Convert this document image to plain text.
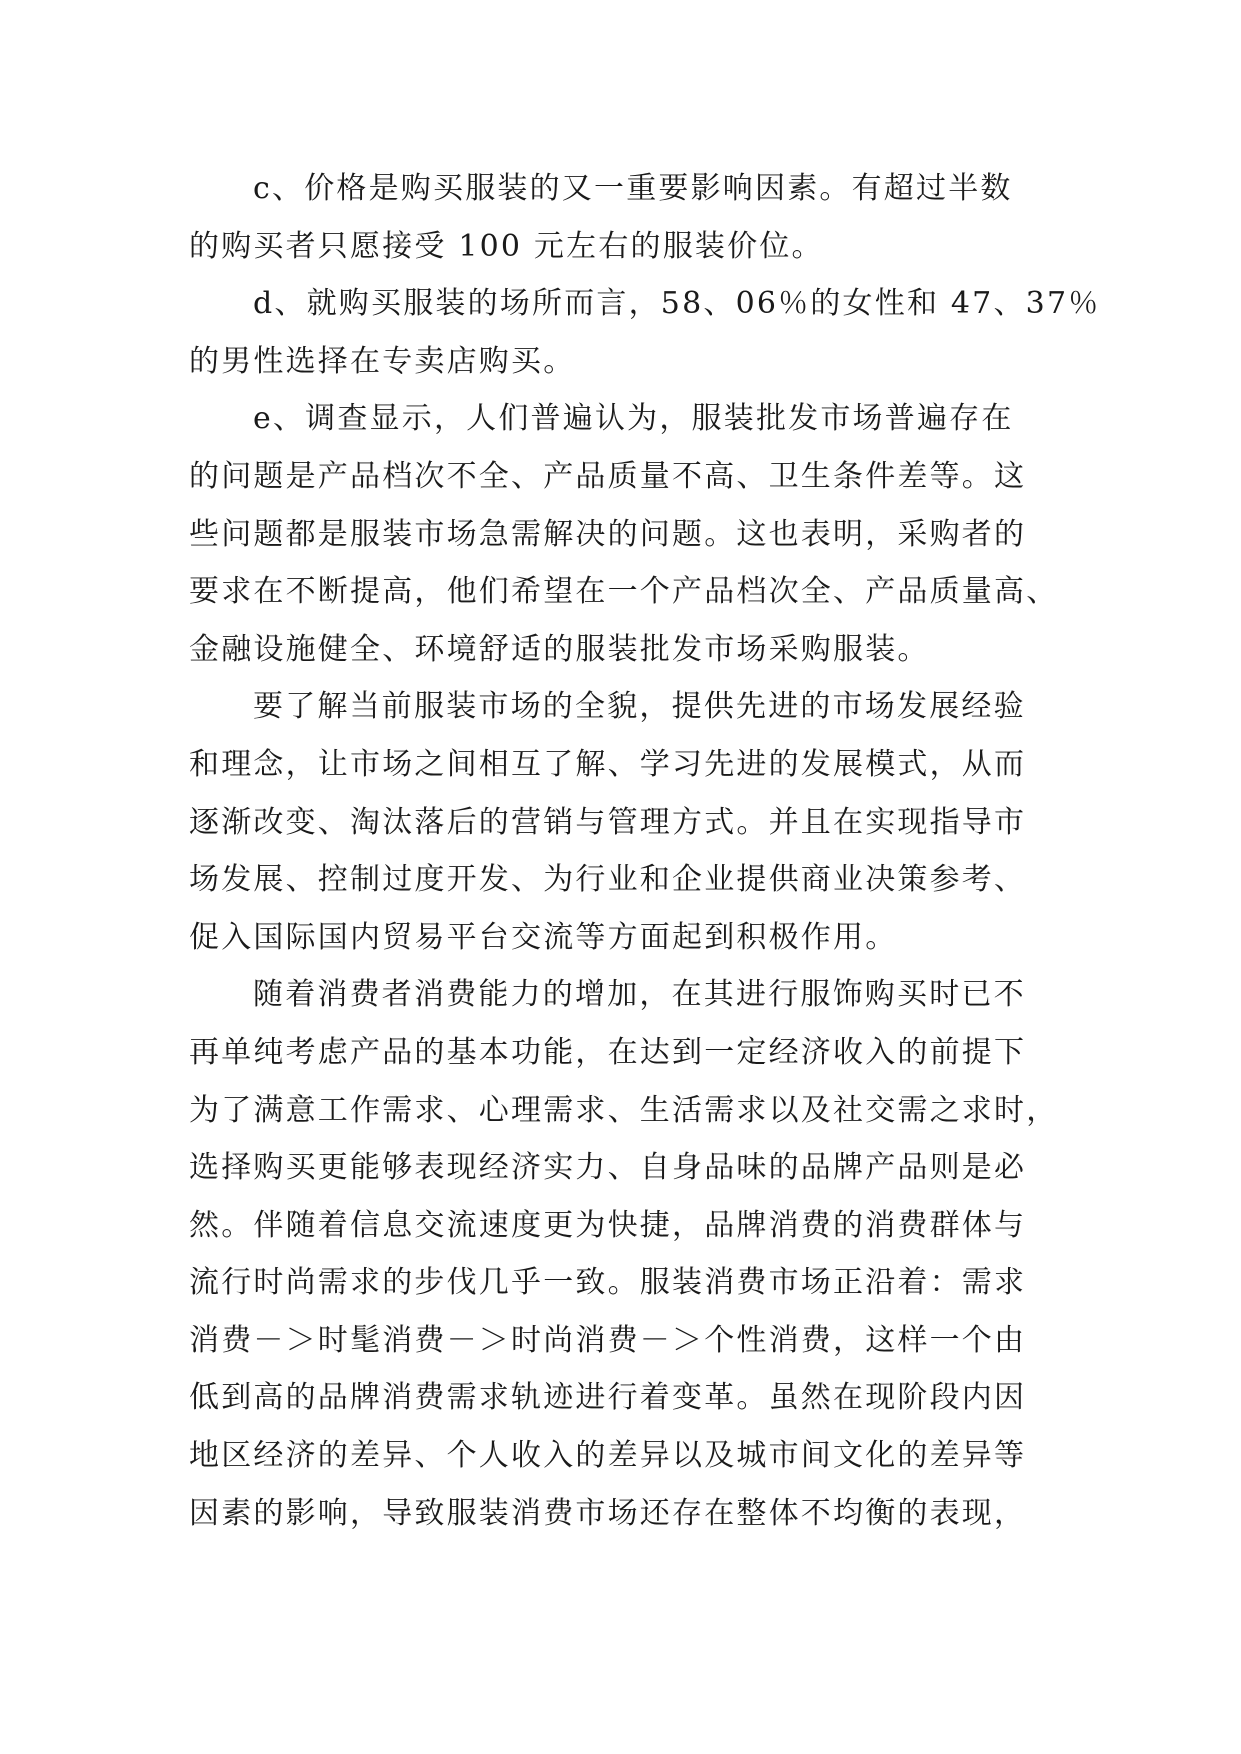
c、价格是购买服装的又一重要影响因素。有超过半数
的购买者只愿接受 100 元左右的服装价位。
d、就购买服装的场所而言，58、06％的女性和 47、37％
的男性选择在专卖店购买。
e、调查显示，人们普遍认为，服装批发市场普遍存在
的问题是产品档次不全、产品质量不高、卫生条件差等。这
些问题都是服装市场急需解决的问题。这也表明，采购者的
要求在不断提高，他们希望在一个产品档次全、产品质量高、
金融设施健全、环境舒适的服装批发市场采购服装。
要了解当前服装市场的全貌，提供先进的市场发展经验
和理念，让市场之间相互了解、学习先进的发展模式，从而
逐渐改变、淘汰落后的营销与管理方式。并且在实现指导市
场发展、控制过度开发、为行业和企业提供商业决策参考、
促入国际国内贸易平台交流等方面起到积极作用。
随着消费者消费能力的增加，在其进行服饰购买时已不
再单纯考虑产品的基本功能，在达到一定经济收入的前提下
为了满意工作需求、心理需求、生活需求以及社交需之求时，
选择购买更能够表现经济实力、自身品味的品牌产品则是必
然。伴随着信息交流速度更为快捷，品牌消费的消费群体与
流行时尚需求的步伐几乎一致。服装消费市场正沿着：需求
消费－＞时髦消费－＞时尚消费－＞个性消费，这样一个由
低到高的品牌消费需求轨迹进行着变革。虽然在现阶段内因
地区经济的差异、个人收入的差异以及城市间文化的差异等
因素的影响，导致服装消费市场还存在整体不均衡的表现，
